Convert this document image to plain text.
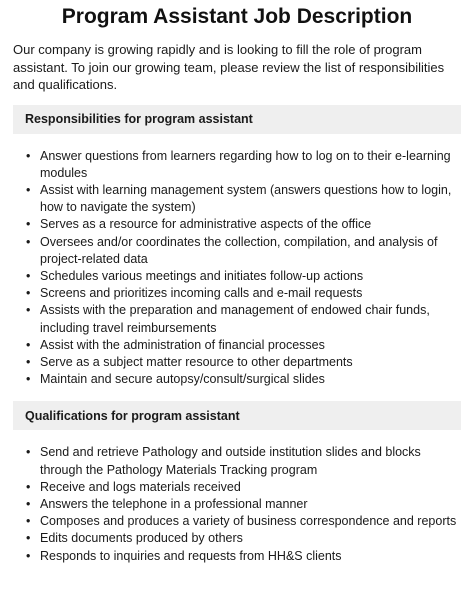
Program Assistant Job Description

Our company is growing rapidly and is looking to fill the role of program assistant. To join our growing team, please review the list of responsibilities and qualifications.

Responsibilities for program assistant
• Answer questions from learners regarding how to log on to their e-learning modules
• Assist with learning management system (answers questions how to login, how to navigate the system)
• Serves as a resource for administrative aspects of the office
• Oversees and/or coordinates the collection, compilation, and analysis of project-related data
• Schedules various meetings and initiates follow-up actions
• Screens and prioritizes incoming calls and e-mail requests
• Assists with the preparation and management of endowed chair funds, including travel reimbursements
• Assist with the administration of financial processes
• Serve as a subject matter resource to other departments
• Maintain and secure autopsy/consult/surgical slides
Qualifications for program assistant
• Send and retrieve Pathology and outside institution slides and blocks through the Pathology Materials Tracking program
• Receive and logs materials received
• Answers the telephone in a professional manner
• Composes and produces a variety of business correspondence and reports
• Edits documents produced by others
• Responds to inquiries and requests from HH&S clients
